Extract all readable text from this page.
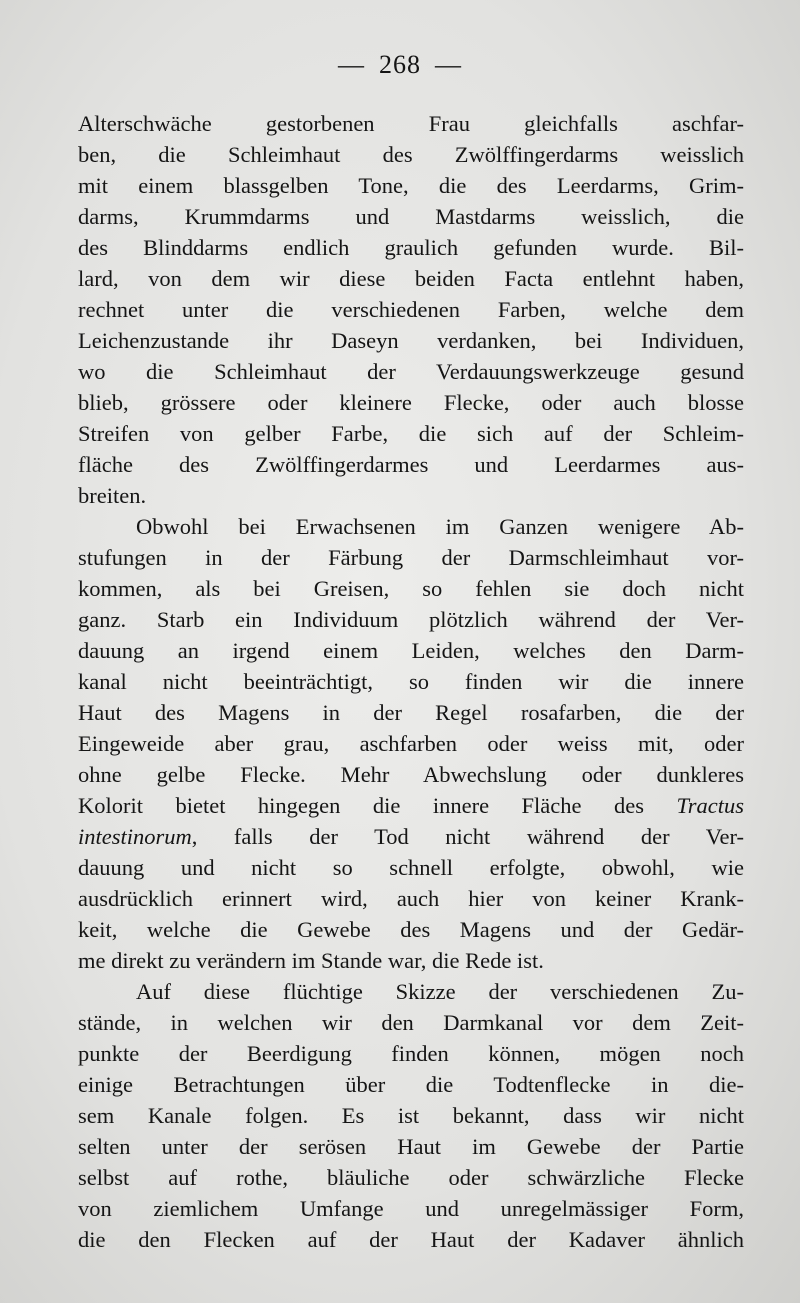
— 268 —
Alterschwäche gestorbenen Frau gleichfalls aschfar-
ben, die Schleimhaut des Zwölffingerdarms weisslich
mit einem blassgelben Tone, die des Leerdarms, Grim-
darms, Krummdarms und Mastdarms weisslich, die
des Blinddarms endlich graulich gefunden wurde. Bil-
lard, von dem wir diese beiden Facta entlehnt haben,
rechnet unter die verschiedenen Farben, welche dem
Leichenzustande ihr Daseyn verdanken, bei Individuen,
wo die Schleimhaut der Verdauungswerkzeuge gesund
blieb, grössere oder kleinere Flecke, oder auch blosse
Streifen von gelber Farbe, die sich auf der Schleim-
fläche des Zwölffingerdarmes und Leerdarmes aus-
breiten.
Obwohl bei Erwachsenen im Ganzen wenigere Ab-
stufungen in der Färbung der Darmschleimhaut vor-
kommen, als bei Greisen, so fehlen sie doch nicht
ganz. Starb ein Individuum plötzlich während der Ver-
dauung an irgend einem Leiden, welches den Darm-
kanal nicht beeinträchtigt, so finden wir die innere
Haut des Magens in der Regel rosafarben, die der
Eingeweide aber grau, aschfarben oder weiss mit, oder
ohne gelbe Flecke. Mehr Abwechslung oder dunkleres
Kolorit bietet hingegen die innere Fläche des Tractus
intestinorum, falls der Tod nicht während der Ver-
dauung und nicht so schnell erfolgte, obwohl, wie
ausdrücklich erinnert wird, auch hier von keiner Krank-
keit, welche die Gewebe des Magens und der Gedär-
me direkt zu verändern im Stande war, die Rede ist.
Auf diese flüchtige Skizze der verschiedenen Zu-
stände, in welchen wir den Darmkanal vor dem Zeit-
punkte der Beerdigung finden können, mögen noch
einige Betrachtungen über die Todtenflecke in die-
sem Kanale folgen. Es ist bekannt, dass wir nicht
selten unter der serösen Haut im Gewebe der Partie
selbst auf rothe, bläuliche oder schwärzliche Flecke
von ziemlichem Umfange und unregelmässiger Form,
die den Flecken auf der Haut der Kadaver ähnlich
